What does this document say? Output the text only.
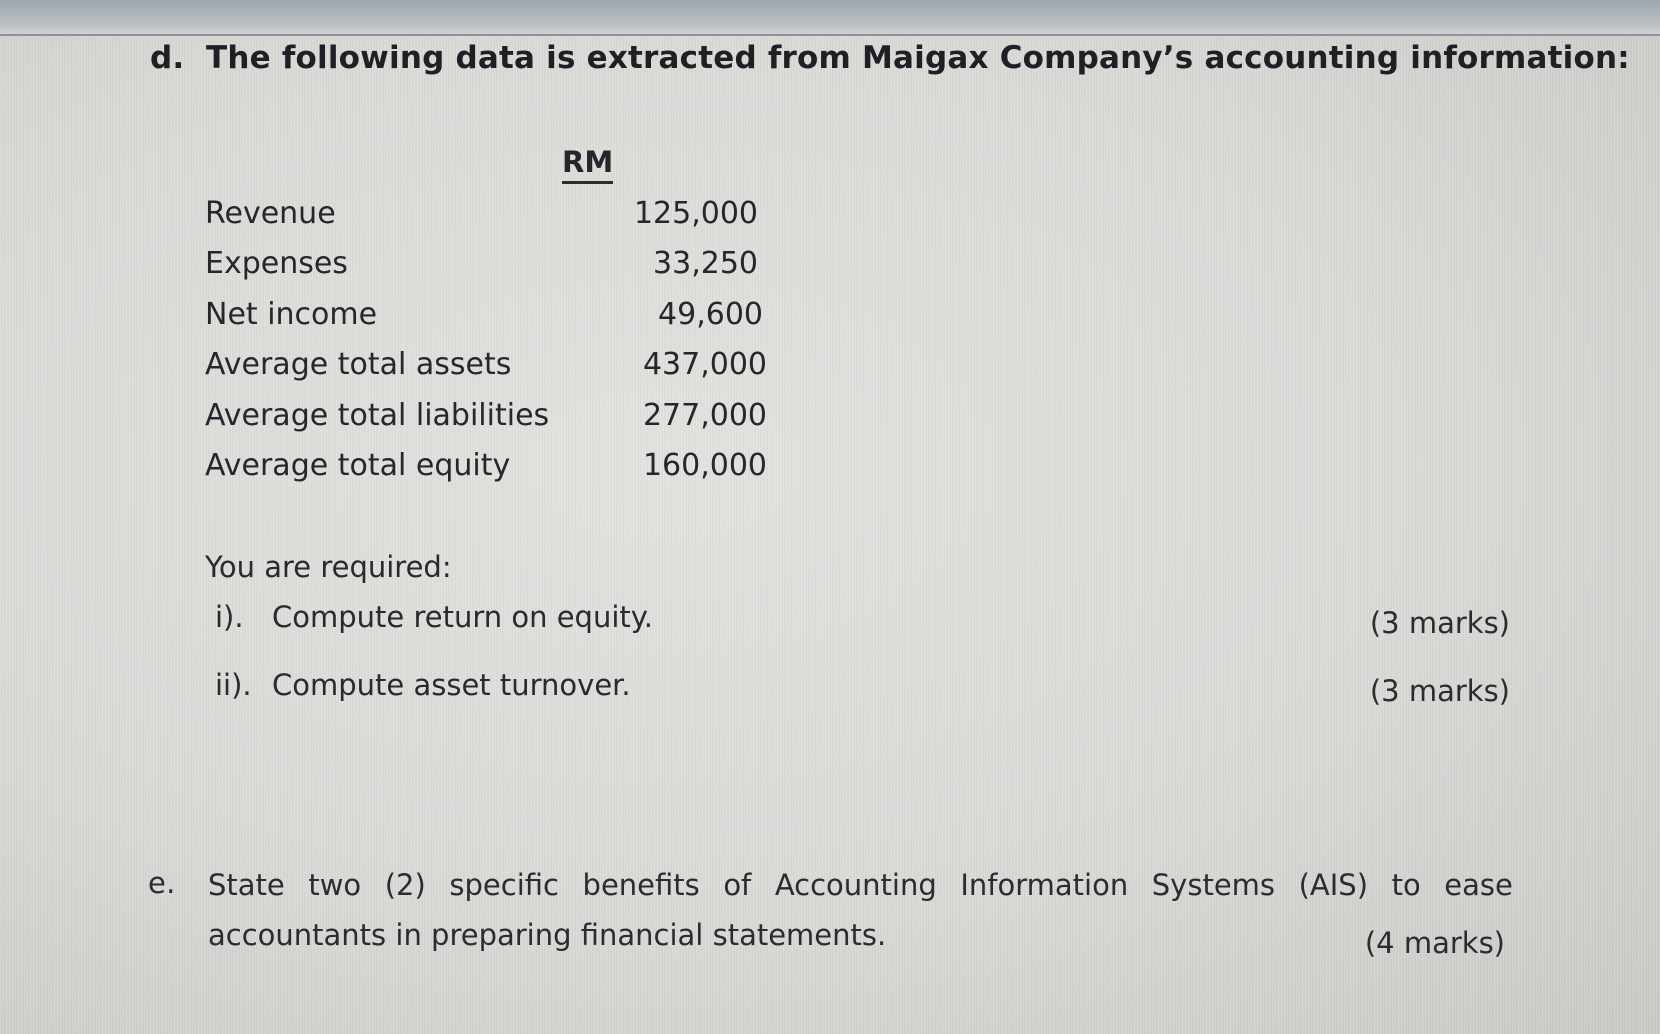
d. The following data is extracted from Maigax Company’s accounting information:
RM
Revenue	125,000
Expenses	33,250
Net income	49,600
Average total assets	437,000
Average total liabilities	277,000
Average total equity	160,000
You are required:
i). Compute return on equity.	(3 marks)
ii). Compute asset turnover.	(3 marks)
e.	State two (2) specific benefits of Accounting Information Systems (AIS) to ease
accountants in preparing financial statements.	(4 marks)
